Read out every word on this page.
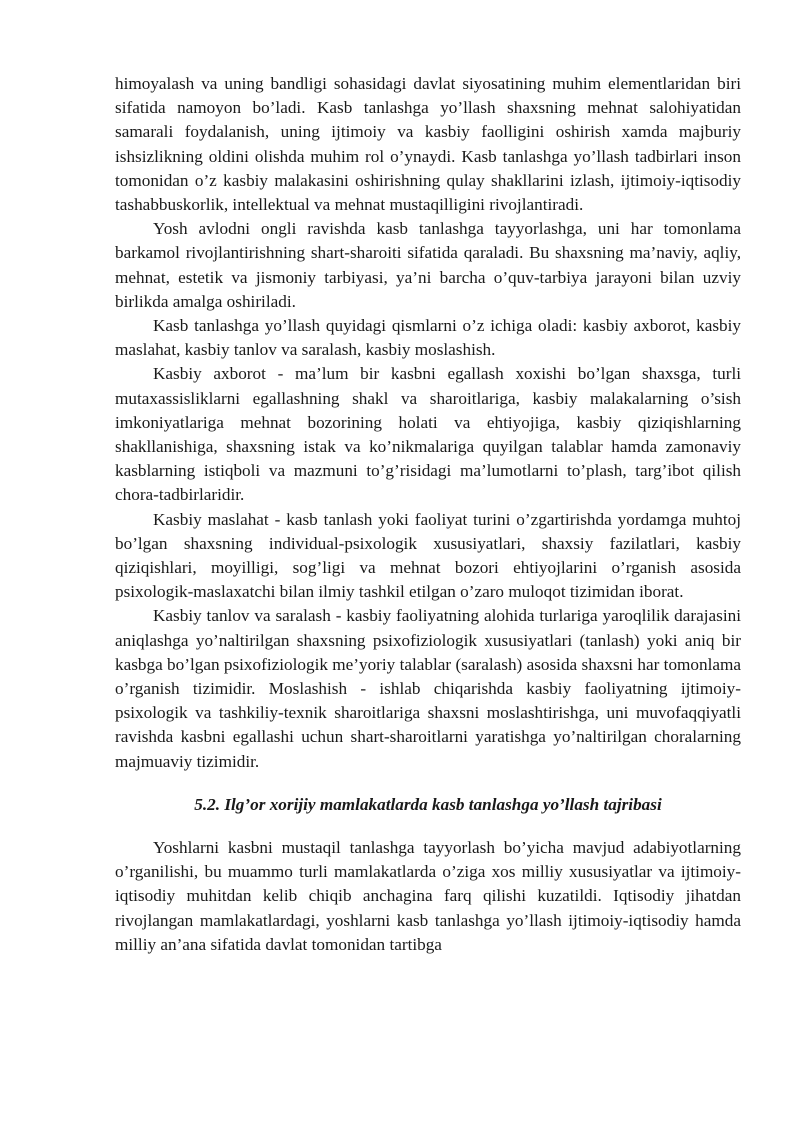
himoyalash va uning bandligi sohasidagi davlat siyosatining muhim elementlaridan biri sifatida namoyon bo’ladi. Kasb tanlashga yo’llash shaxsning mehnat salohiyatidan samarali foydalanish, uning ijtimoiy va kasbiy faolligini oshirish xamda majburiy ishsizlikning oldini olishda muhim rol o’ynaydi. Kasb tanlashga yo’llash tadbirlari inson tomonidan o’z kasbiy malakasini oshirishning qulay shakllarini izlash, ijtimoiy-iqtisodiy tashabbuskorlik, intellektual va mehnat mustaqilligini rivojlantiradi.

Yosh avlodni ongli ravishda kasb tanlashga tayyorlashga, uni har tomonlama barkamol rivojlantirishning shart-sharoiti sifatida qaraladi. Bu shaxsning ma’naviy, aqliy, mehnat, estetik va jismoniy tarbiyasi, ya’ni barcha o’quv-tarbiya jarayoni bilan uzviy birlikda amalga oshiriladi.

Kasb tanlashga yo’llash quyidagi qismlarni o’z ichiga oladi: kasbiy axborot, kasbiy maslahat, kasbiy tanlov va saralash, kasbiy moslashish.

Kasbiy axborot - ma’lum bir kasbni egallash xoxishi bo’lgan shaxsga, turli mutaxassisliklarni egallashning shakl va sharoitlariga, kasbiy malakalarning o’sish imkoniyatlariga mehnat bozorining holati va ehtiyojiga, kasbiy qiziqishlarning shakllanishiga, shaxsning istak va ko’nikmalariga quyilgan talablar hamda zamonaviy kasblarning istiqboli va mazmuni to’g’risidagi ma’lumotlarni to’plash, targ’ibot qilish chora-tadbirlaridir.

Kasbiy maslahat - kasb tanlash yoki faoliyat turini o’zgartirishda yordamga muhtoj bo’lgan shaxsning individual-psixologik xususiyatlari, shaxsiy fazilatlari, kasbiy qiziqishlari, moyilligi, sog’ligi va mehnat bozori ehtiyojlarini o’rganish asosida psixologik-maslaxatchi bilan ilmiy tashkil etilgan o’zaro muloqot tizimidan iborat.

Kasbiy tanlov va saralash - kasbiy faoliyatning alohida turlariga yaroqlilik darajasini aniqlashga yo’naltirilgan shaxsning psixofiziologik xususiyatlari (tanlash) yoki aniq bir kasbga bo’lgan psixofiziologik me’yoriy talablar (saralash) asosida shaxsni har tomonlama o’rganish tizimidir. Moslashish - ishlab chiqarishda kasbiy faoliyatning ijtimoiy-psixologik va tashkiliy-texnik sharoitlariga shaxsni moslashtirishga, uni muvofaqqiyatli ravishda kasbni egallashi uchun shart-sharoitlarni yaratishga yo’naltirilgan choralarning majmuaviy tizimidir.

5.2. Ilg’or xorijiy mamlakatlarda kasb tanlashga yo’llash tajribasi

Yoshlarni kasbni mustaqil tanlashga tayyorlash bo’yicha mavjud adabiyotlarning o’rganilishi, bu muammo turli mamlakatlarda o’ziga xos milliy xususiyatlar va ijtimoiy-iqtisodiy muhitdan kelib chiqib anchagina farq qilishi kuzatildi. Iqtisodiy jihatdan rivojlangan mamlakatlardagi, yoshlarni kasb tanlashga yo’llash ijtimoiy-iqtisodiy hamda milliy an’ana sifatida davlat tomonidan tartibga
